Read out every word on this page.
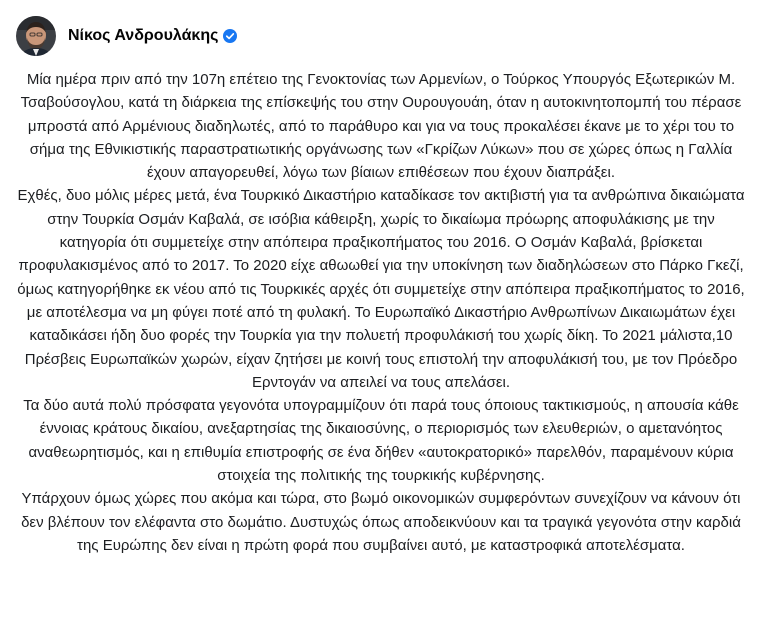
Νίκος Ανδρουλάκης

Μία ημέρα πριν από την 107η επέτειο της Γενοκτονίας των Αρμενίων, ο Τούρκος Υπουργός Εξωτερικών Μ. Τσαβούσογλου, κατά τη διάρκεια της επίσκεψής του στην Ουρουγουάη, όταν η αυτοκινητοπομπή του πέρασε μπροστά από Αρμένιους διαδηλωτές, από το παράθυρο και για να τους προκαλέσει έκανε με το χέρι του το σήμα της Εθνικιστικής παραστρατιωτικής οργάνωσης των «Γκρίζων Λύκων» που σε χώρες όπως η Γαλλία έχουν απαγορευθεί, λόγω των βίαιων επιθέσεων που έχουν διαπράξει.

Εχθές, δυο μόλις μέρες μετά, ένα Τουρκικό Δικαστήριο καταδίκασε τον ακτιβιστή για τα ανθρώπινα δικαιώματα στην Τουρκία Οσμάν Καβαλά, σε ισόβια κάθειρξη, χωρίς το δικαίωμα πρόωρης αποφυλάκισης με την κατηγορία ότι συμμετείχε στην απόπειρα πραξικοπήματος του 2016. Ο Οσμάν Καβαλά, βρίσκεται προφυλακισμένος από το 2017. Το 2020 είχε αθωωθεί για την υποκίνηση των διαδηλώσεων στο Πάρκο Γκεζί, όμως κατηγορήθηκε εκ νέου από τις Τουρκικές αρχές ότι συμμετείχε στην απόπειρα πραξικοπήματος το 2016, με αποτέλεσμα να μη φύγει ποτέ από τη φυλακή. Το Ευρωπαϊκό Δικαστήριο Ανθρωπίνων Δικαιωμάτων έχει καταδικάσει ήδη δυο φορές την Τουρκία για την πολυετή προφυλάκισή του χωρίς δίκη. Το 2021 μάλιστα,10 Πρέσβεις Ευρωπαϊκών χωρών, είχαν ζητήσει με κοινή τους επιστολή την αποφυλάκισή του, με τον Πρόεδρο Ερντογάν να απειλεί να τους απελάσει.

Τα δύο αυτά πολύ πρόσφατα γεγονότα υπογραμμίζουν ότι παρά τους όποιους τακτικισμούς, η απουσία κάθε έννοιας κράτους δικαίου, ανεξαρτησίας της δικαιοσύνης, ο περιορισμός των ελευθεριών, ο αμετανόητος αναθεωρητισμός, και η επιθυμία επιστροφής σε ένα δήθεν «αυτοκρατορικό» παρελθόν, παραμένουν κύρια στοιχεία της πολιτικής της τουρκικής κυβέρνησης.

Υπάρχουν όμως χώρες που ακόμα και τώρα, στο βωμό οικονομικών συμφερόντων συνεχίζουν να κάνουν ότι δεν βλέπουν τον ελέφαντα στο δωμάτιο. Δυστυχώς όπως αποδεικνύουν και τα τραγικά γεγονότα στην καρδιά της Ευρώπης δεν είναι η πρώτη φορά που συμβαίνει αυτό, με καταστροφικά αποτελέσματα.
